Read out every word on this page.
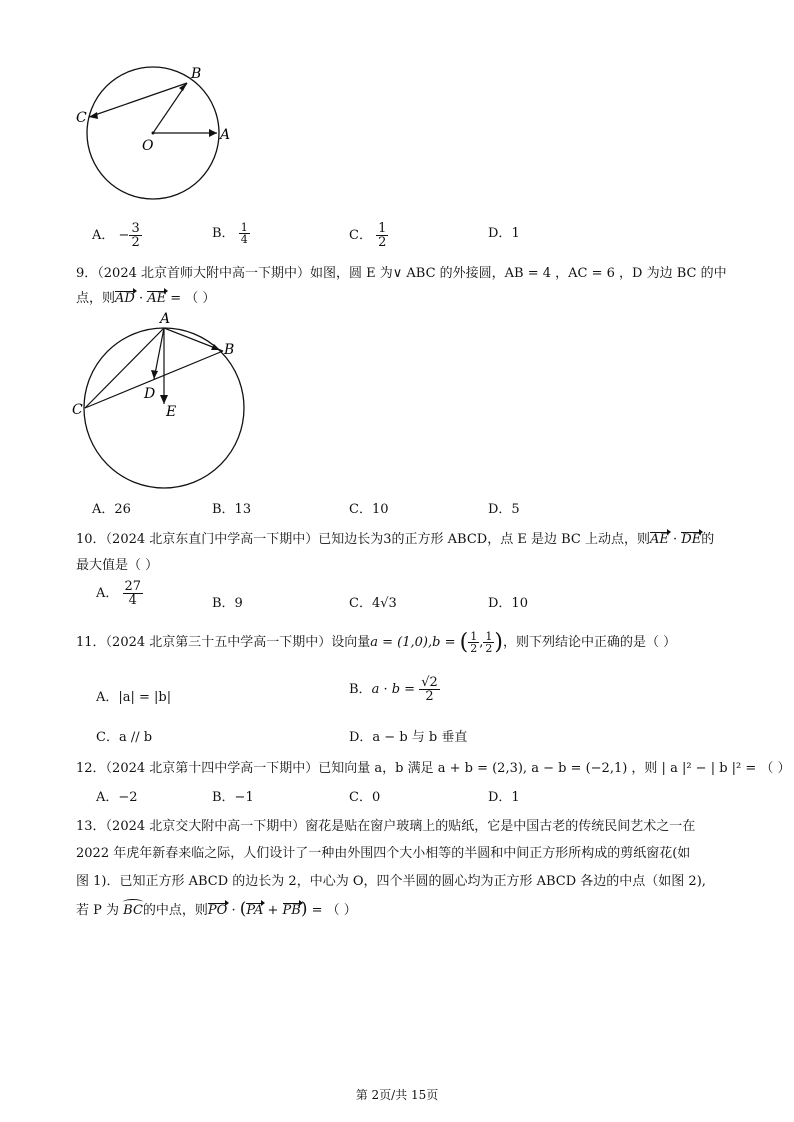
B
C
O
A
A． − $\frac{3}{2}$	B． $\frac{1}{4}$	C． $\frac{1}{2}$	D．1
9．（2024 北京首师大附中高一下期中）如图，圆 E 为∨ ABC 的外接圆，AB = 4 ，AC = 6 ，D 为边 BC 的中
点，则AD · AE = （ ）
A
B
C
D
E
A．26	B．13	C．10	D．5
10．（2024 北京东直门中学高一下期中）已知边长为3的正方形 ABCD，点 E 是边 BC 上动点，则AE · DE的
最大值是（ ）
A． $\frac{27}{4}$	B．9	C．4√3	D．10
11．（2024 北京第三十五中学高一下期中）设向量a = (1,0),b = ( $\frac{1}{2}$ , $\frac{1}{2}$ )，则下列结论中正确的是（ ）
A．|a| = |b|
B．$a \cdot b = \frac{√2}{2}$
C．a // b	D．a − b 与 b 垂直
12．（2024 北京第十四中学高一下期中）已知向量 a，b 满足 a + b = (2,3), a − b = (−2,1) ，则 | a |² − | b |² = （ ）
A．−2	B．−1	C．0	D．1
13．（2024 北京交大附中高一下期中）窗花是贴在窗户玻璃上的贴纸，它是中国古老的传统民间艺术之一在
2022 年虎年新春来临之际，人们设计了一种由外围四个大小相等的半圆和中间正方形所构成的剪纸窗花(如
图 1)．已知正方形 ABCD 的边长为 2，中心为 O，四个半圆的圆心均为正方形 ABCD 各边的中点（如图 2),
若 P 为 BC的中点，则PO · (PA + PB) = （ ）
第 2页/共 15页
